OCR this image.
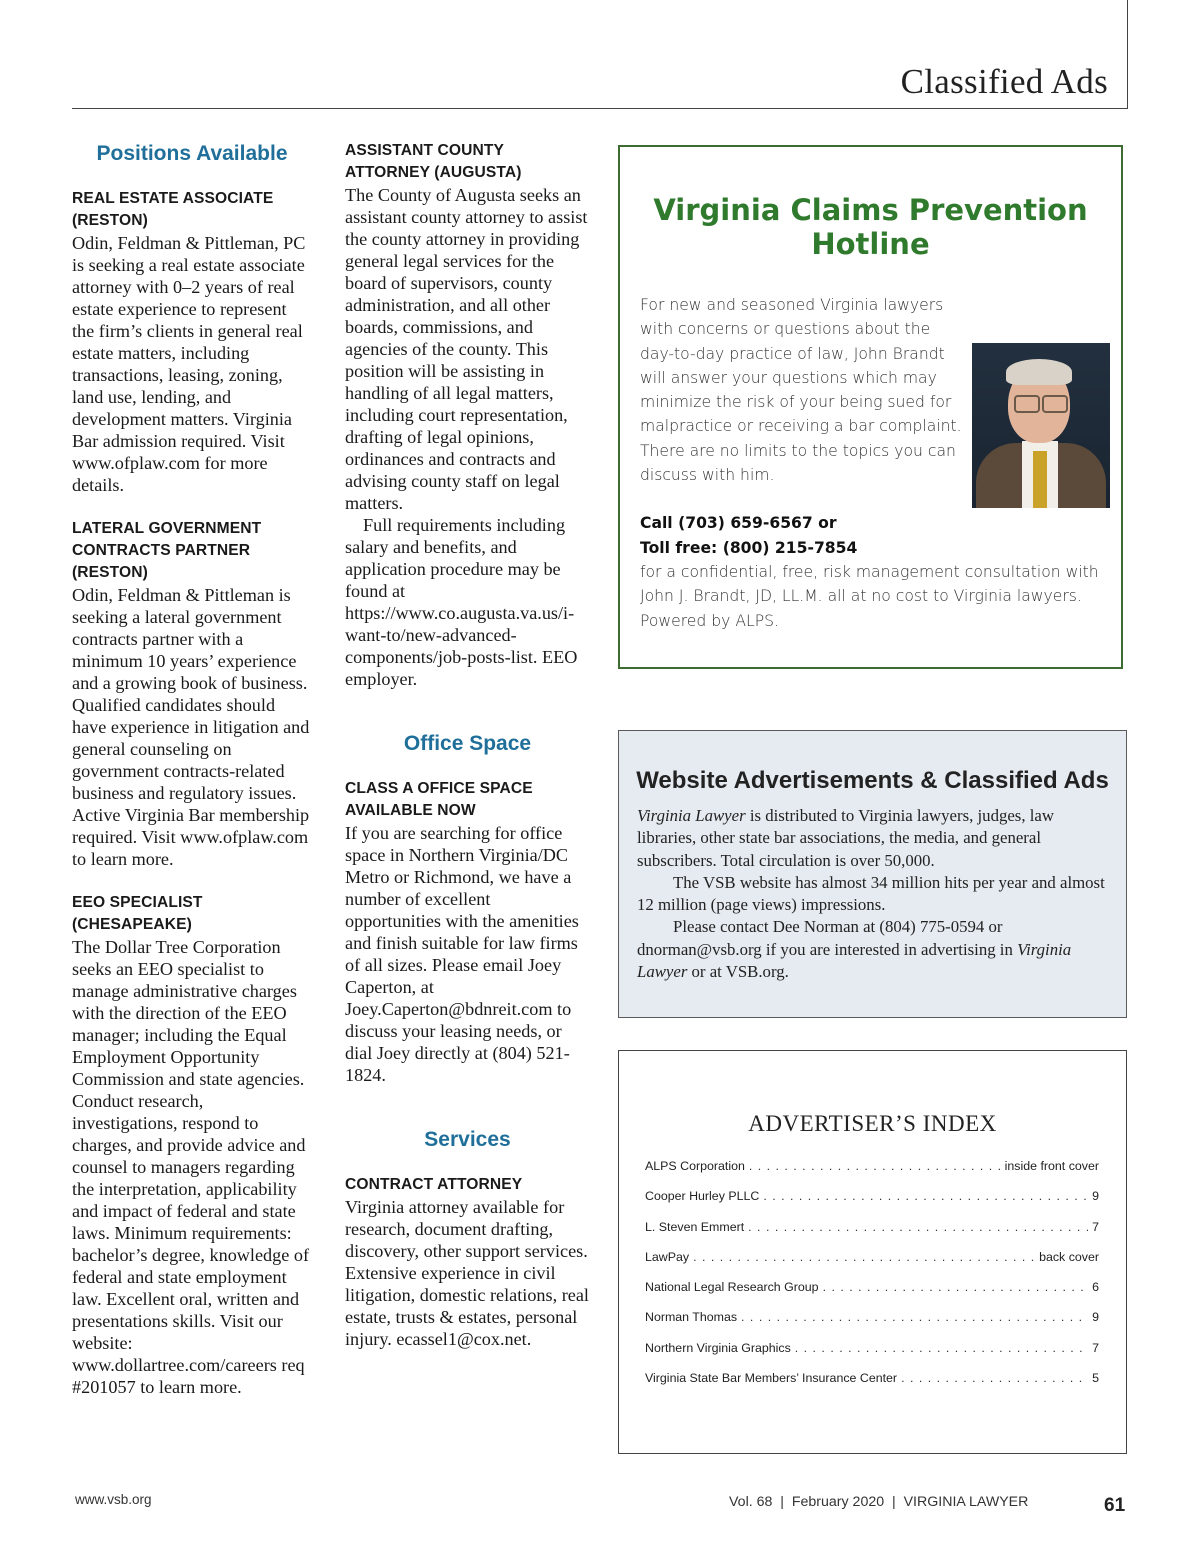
Classified Ads
Positions Available
REAL ESTATE ASSOCIATE (RESTON)

Odin, Feldman & Pittleman, PC is seeking a real estate associate attorney with 0–2 years of real estate experience to represent the firm’s clients in general real estate matters, including transactions, leasing, zoning, land use, lending, and development matters. Virginia Bar admission required. Visit www.ofplaw.com for more details.

LATERAL GOVERNMENT CONTRACTS PARTNER (RESTON)

Odin, Feldman & Pittleman is seeking a lateral government contracts partner with a minimum 10 years’ experience and a growing book of business. Qualified candidates should have experience in litigation and general counseling on government contracts-related business and regulatory issues. Active Virginia Bar membership required. Visit www.ofplaw.com to learn more.

EEO SPECIALIST (CHESAPEAKE)

The Dollar Tree Corporation seeks an EEO specialist to manage administrative charges with the direction of the EEO manager; including the Equal Employment Opportunity Commission and state agencies. Conduct research, investigations, respond to charges, and provide advice and counsel to managers regarding the interpretation, applicability and impact of federal and state laws. Minimum requirements: bachelor’s degree, knowledge of federal and state employment law. Excellent oral, written and presentations skills. Visit our website: www.dollartree.com/careers req #201057 to learn more.

ASSISTANT COUNTY ATTORNEY (AUGUSTA)

The County of Augusta seeks an assistant county attorney to assist the county attorney in providing general legal services for the board of supervisors, county administration, and all other boards, commissions, and agencies of the county. This position will be assisting in handling of all legal matters, including court representation, drafting of legal opinions, ordinances and contracts and advising county staff on legal matters.

Full requirements including salary and benefits, and application procedure may be found at https://www.co.augusta.va.us/i-want-to/new-advanced-components/job-posts-list. EEO employer.

Office Space
CLASS A OFFICE SPACE AVAILABLE NOW

If you are searching for office space in Northern Virginia/DC Metro or Richmond, we have a number of excellent opportunities with the amenities and finish suitable for law firms of all sizes. Please email Joey Caperton, at Joey.Caperton@bdnreit.com to discuss your leasing needs, or dial Joey directly at (804) 521-1824.

Services
CONTRACT ATTORNEY

Virginia attorney available for research, document drafting, discovery, other support services. Extensive experience in civil litigation, domestic relations, real estate, trusts & estates, personal injury. ecassel1@cox.net.

Virginia Claims Prevention Hotline
For new and seasoned Virginia lawyers with concerns or questions about the day-to-day practice of law, John Brandt will answer your questions which may minimize the risk of your being sued for malpractice or receiving a bar complaint. There are no limits to the topics you can discuss with him.
Call (703) 659-6567 or
Toll free: (800) 215-7854

for a confidential, free, risk management consultation with John J. Brandt, JD, LL.M. all at no cost to Virginia lawyers. Powered by ALPS.

Website Advertisements & Classified Ads

Virginia Lawyer is distributed to Virginia lawyers, judges, law libraries, other state bar associations, the media, and general subscribers. Total circulation is over 50,000.

The VSB website has almost 34 million hits per year and almost 12 million (page views) impressions.

Please contact Dee Norman at (804) 775-0594 or dnorman@vsb.org if you are interested in advertising in Virginia Lawyer or at VSB.org.

ADVERTISER’S INDEX
ALPS Corporation . . .	inside front cover
Cooper Hurley PLLC . . .	9
L. Steven Emmert . . .	7
LawPay . . .	back cover
National Legal Research Group . . .	6
Norman Thomas . . .	9
Northern Virginia Graphics . . .	7
Virginia State Bar Members’ Insurance Center . . .	5
www.vsb.org	Vol. 68  |  February 2020  |  VIRGINIA LAWYER	61
